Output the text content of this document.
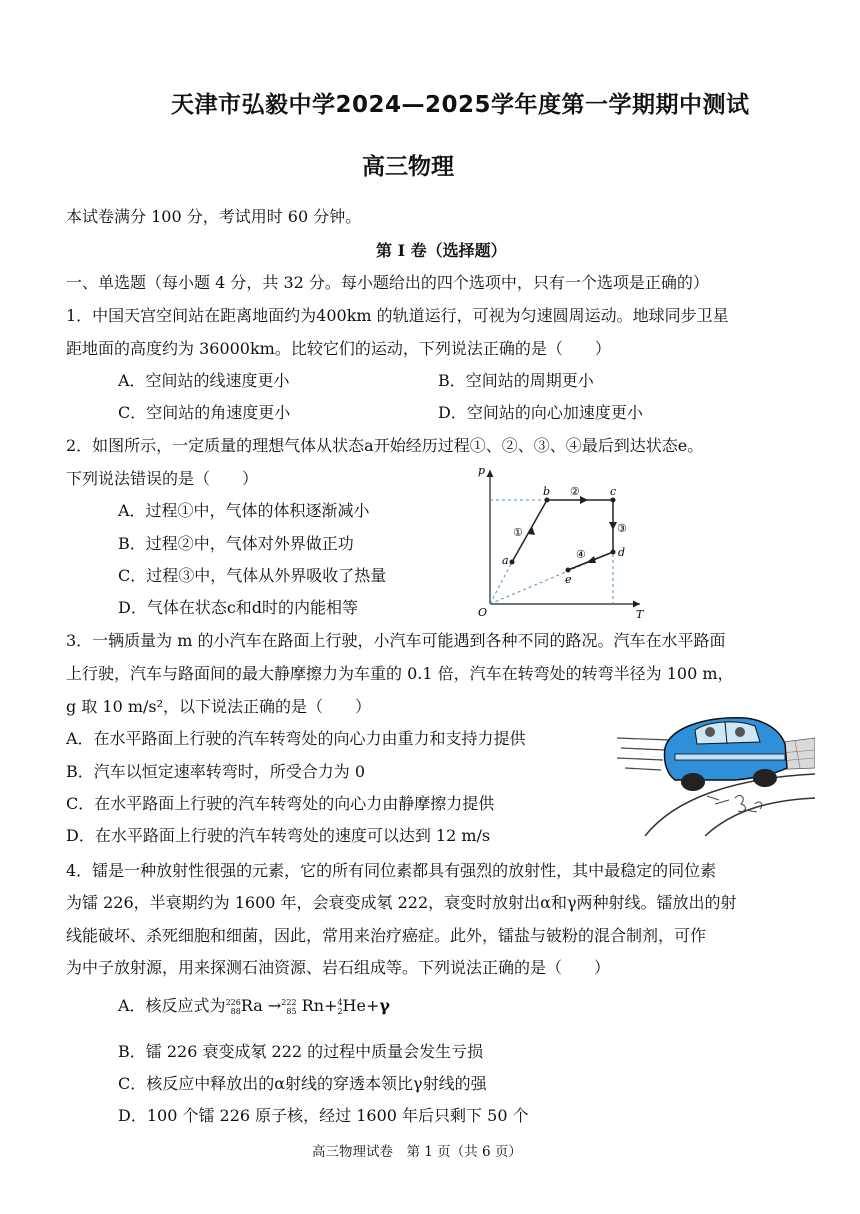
天津市弘毅中学2024—2025学年度第一学期期中测试
高三物理
本试卷满分 100 分，考试用时 60 分钟。
第 I 卷（选择题）
一、单选题（每小题 4 分，共 32 分。每小题给出的四个选项中，只有一个选项是正确的）
1．中国天宫空间站在距离地面约为400km 的轨道运行，可视为匀速圆周运动。地球同步卫星
距地面的高度约为 36000km。比较它们的运动，下列说法正确的是（　　）
A．空间站的线速度更小	B．空间站的周期更小
C．空间站的角速度更小	D．空间站的向心加速度更小
2．如图所示，一定质量的理想气体从状态a开始经历过程①、②、③、④最后到达状态e。
下列说法错误的是（　　）
A．过程①中，气体的体积逐渐减小
B．过程②中，气体对外界做正功
C．过程③中，气体从外界吸收了热量
D．气体在状态c和d时的内能相等
p
T
O
a
b	c
d
e
①
②
③
④
3．一辆质量为 m 的小汽车在路面上行驶，小汽车可能遇到各种不同的路况。汽车在水平路面
上行驶，汽车与路面间的最大静摩擦力为车重的 0.1 倍，汽车在转弯处的转弯半径为 100 m，
g 取 10 m/s²，以下说法正确的是（　　）
A．在水平路面上行驶的汽车转弯处的向心力由重力和支持力提供
B．汽车以恒定速率转弯时，所受合力为 0
C．在水平路面上行驶的汽车转弯处的向心力由静摩擦力提供
D．在水平路面上行驶的汽车转弯处的速度可以达到 12 m/s
4．镭是一种放射性很强的元素，它的所有同位素都具有强烈的放射性，其中最稳定的同位素
为镭 226，半衰期约为 1600 年，会衰变成氡 222，衰变时放射出α和γ两种射线。镭放出的射
线能破坏、杀死细胞和细菌，因此，常用来治疗癌症。此外，镭盐与铍粉的混合制剂，可作
为中子放射源，用来探测石油资源、岩石组成等。下列说法正确的是（　　）
A．核反应式为 226
88 Ra → 222
85 Rn+ 4
2 He+γ
B．镭 226 衰变成氡 222 的过程中质量会发生亏损
C．核反应中释放出的α射线的穿透本领比γ射线的强
D．100 个镭 226 原子核，经过 1600 年后只剩下 50 个
高三物理试卷　第 1 页（共 6 页）
